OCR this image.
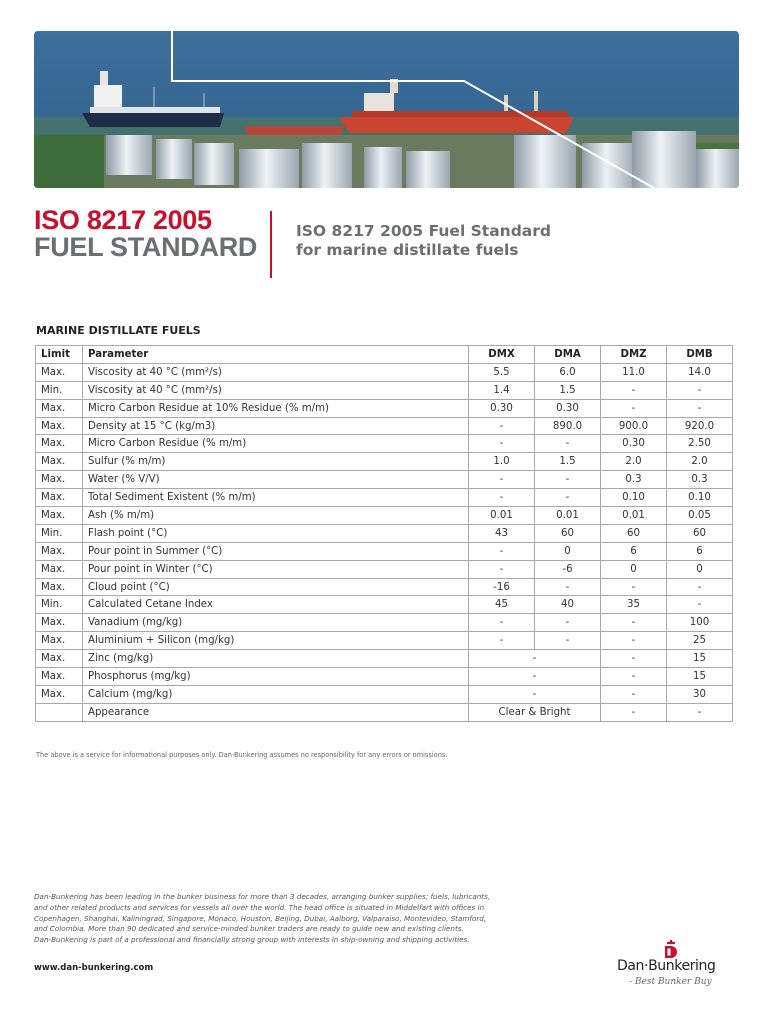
ISO 8217 2005
FUEL STANDARD
ISO 8217 2005 Fuel Standard
for marine distillate fuels
MARINE DISTILLATE FUELS
Limit	Parameter	DMX	DMA	DMZ	DMB
Max.	Viscosity at 40 °C (mm²/s)	5.5	6.0	11.0	14.0
Min.	Viscosity at 40 °C (mm²/s)	1.4	1.5	-	-
Max.	Micro Carbon Residue at 10% Residue (% m/m)	0.30	0.30	-	-
Max.	Density at 15 °C (kg/m3)	-	890.0	900.0	920.0
Max.	Micro Carbon Residue (% m/m)	-	-	0.30	2.50
Max.	Sulfur (% m/m)	1.0	1.5	2.0	2.0
Max.	Water (% V/V)	-	-	0.3	0.3
Max.	Total Sediment Existent (% m/m)	-	-	0.10	0.10
Max.	Ash (% m/m)	0.01	0.01	0.01	0.05
Min.	Flash point (°C)	43	60	60	60
Max.	Pour point in Summer (°C)	-	0	6	6
Max.	Pour point in Winter (°C)	-	-6	0	0
Max.	Cloud point (°C)	-16	-	-	-
Min.	Calculated Cetane Index	45	40	35	-
Max.	Vanadium (mg/kg)	-	-	-	100
Max.	Aluminium + Silicon (mg/kg)	-	-	-	25
Max.	Zinc (mg/kg)	-		-	15
Max.	Phosphorus (mg/kg)	-		-	15
Max.	Calcium (mg/kg)	-		-	30
	Appearance	Clear & Bright		-	-
The above is a service for informational purposes only. Dan-Bunkering assumes no responsibility for any errors or omissions.
Dan-Bunkering has been leading in the bunker business for more than 3 decades, arranging bunker supplies; fuels, lubricants,
and other related products and services for vessels all over the world. The head office is situated in Middelfart with offices in
Copenhagen, Shanghai, Kaliningrad, Singapore, Monaco, Houston, Beijing, Dubai, Aalborg, Valparaiso, Montevideo, Stamford,
and Colombia. More than 90 dedicated and service-minded bunker traders are ready to guide new and existing clients.
Dan-Bunkering is part of a professional and financially strong group with interests in ship-owning and shipping activities.
www.dan-bunkering.com	Dan·Bunkering
- Best Bunker Buy
